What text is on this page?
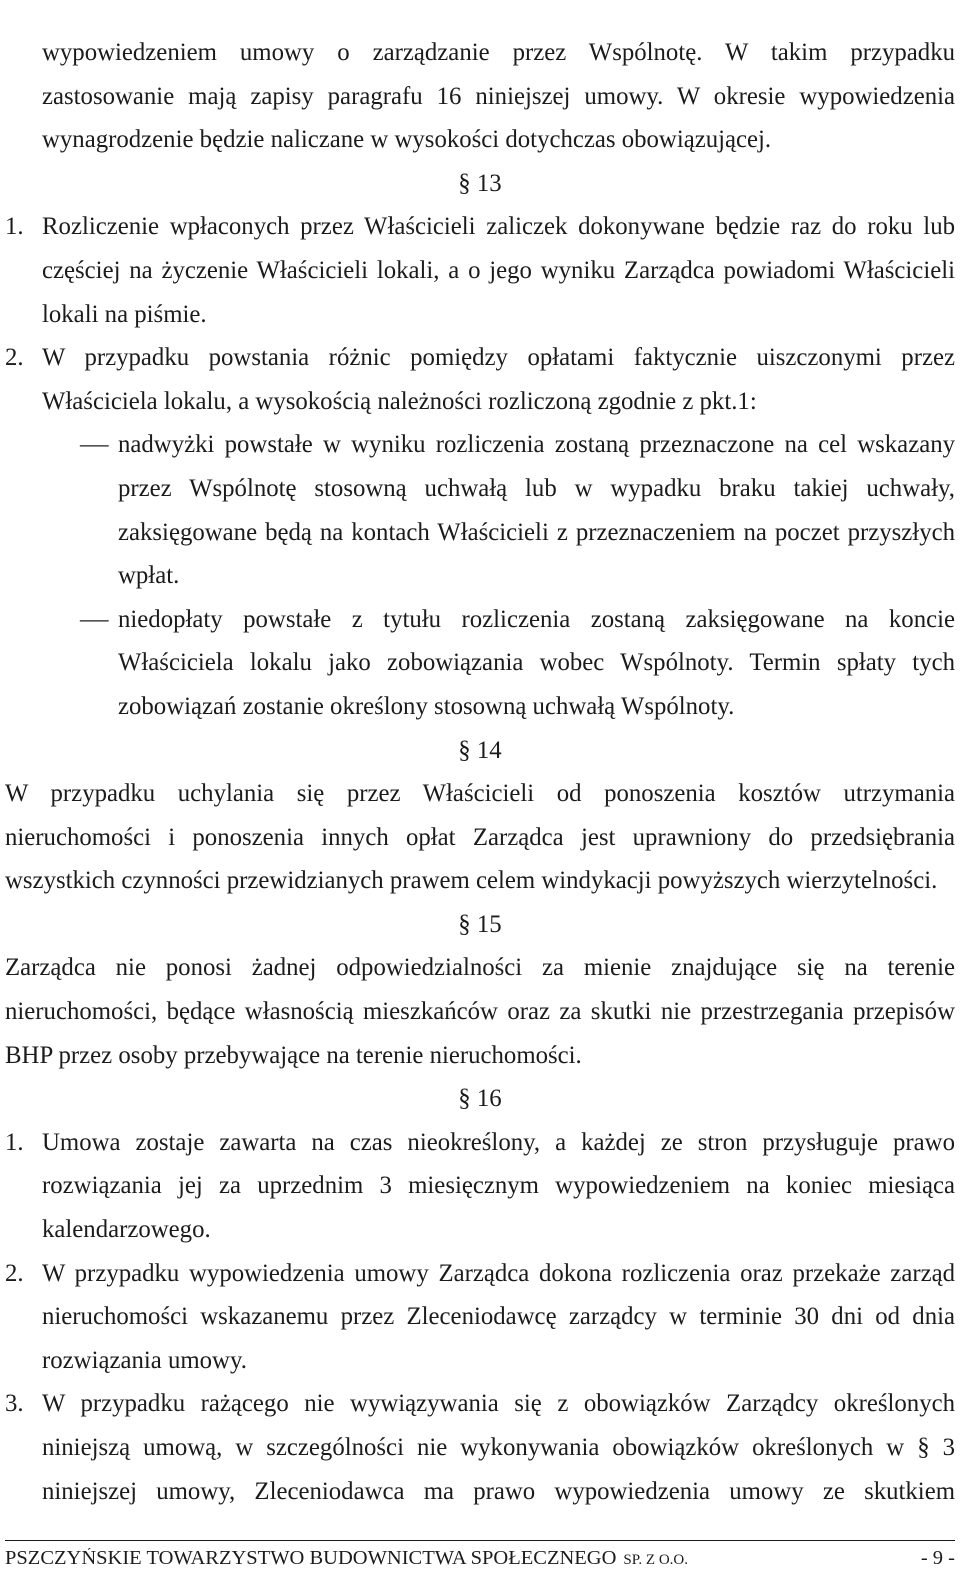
wypowiedzeniem umowy o zarządzanie przez Wspólnotę. W takim przypadku
zastosowanie mają zapisy paragrafu 16 niniejszej umowy. W okresie wypowiedzenia
wynagrodzenie będzie naliczane w wysokości dotychczas obowiązującej.
§ 13
1. Rozliczenie wpłaconych przez Właścicieli zaliczek dokonywane będzie raz do roku lub
częściej na życzenie Właścicieli lokali, a o jego wyniku Zarządca powiadomi Właścicieli
lokali na piśmie.
2. W przypadku powstania różnic pomiędzy opłatami faktycznie uiszczonymi przez
Właściciela lokalu, a wysokością należności rozliczoną zgodnie z pkt.1:
— nadwyżki powstałe w wyniku rozliczenia zostaną przeznaczone na cel wskazany
przez Wspólnotę stosowną uchwałą lub w wypadku braku takiej uchwały,
zaksięgowane będą na kontach Właścicieli z przeznaczeniem na poczet przyszłych
wpłat.
— niedopłaty powstałe z tytułu rozliczenia zostaną zaksięgowane na koncie
Właściciela lokalu jako zobowiązania wobec Wspólnoty. Termin spłaty tych
zobowiązań zostanie określony stosowną uchwałą Wspólnoty.
§ 14
W przypadku uchylania się przez Właścicieli od ponoszenia kosztów utrzymania
nieruchomości i ponoszenia innych opłat Zarządca jest uprawniony do przedsiębrania
wszystkich czynności przewidzianych prawem celem windykacji powyższych wierzytelności.
§ 15
Zarządca nie ponosi żadnej odpowiedzialności za mienie znajdujące się na terenie
nieruchomości, będące własnością mieszkańców oraz za skutki nie przestrzegania przepisów
BHP przez osoby przebywające na terenie nieruchomości.
§ 16
1. Umowa zostaje zawarta na czas nieokreślony, a każdej ze stron przysługuje prawo
rozwiązania jej za uprzednim 3 miesięcznym wypowiedzeniem na koniec miesiąca
kalendarzowego.
2. W przypadku wypowiedzenia umowy Zarządca dokona rozliczenia oraz przekaże zarząd
nieruchomości wskazanemu przez Zleceniodawcę zarządcy w terminie 30 dni od dnia
rozwiązania umowy.
3. W przypadku rażącego nie wywiązywania się z obowiązków Zarządcy określonych
niniejszą umową, w szczególności nie wykonywania obowiązków określonych w § 3
niniejszej umowy, Zleceniodawca ma prawo wypowiedzenia umowy ze skutkiem
PSZCZYŃSKIE TOWARZYSTWO BUDOWNICTWA SPOŁECZNEGO SP. Z O.O.	- 9 -
